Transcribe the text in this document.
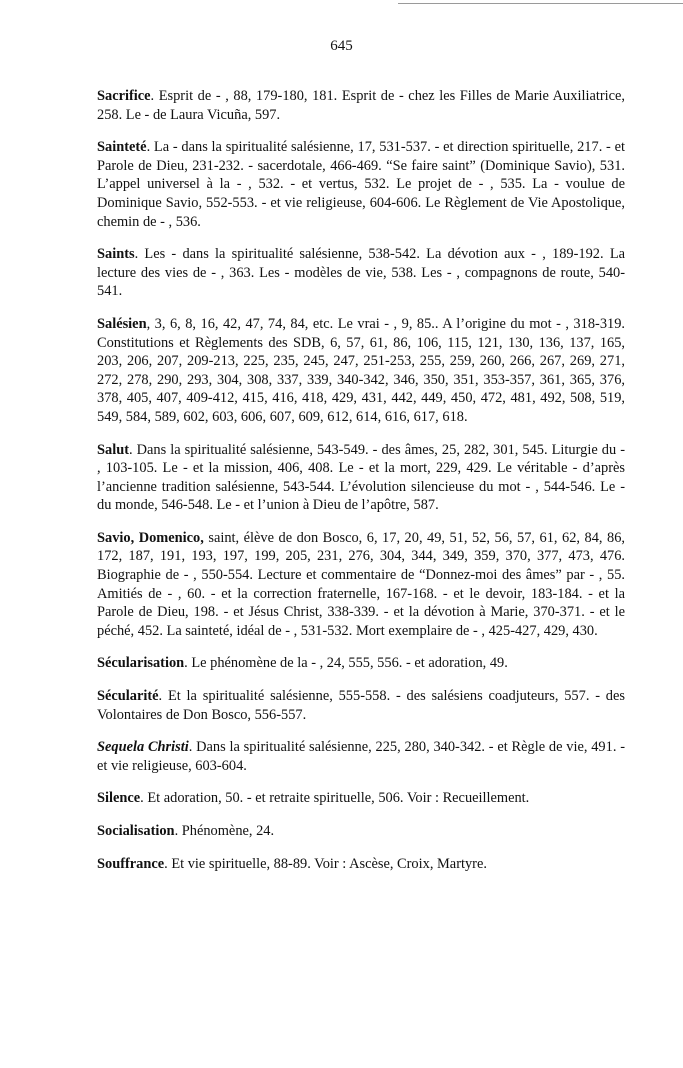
645

Sacrifice. Esprit de - , 88, 179-180, 181. Esprit de - chez les Filles de Marie Auxiliatrice, 258. Le - de Laura Vicuña, 597.

Sainteté. La - dans la spiritualité salésienne, 17, 531-537. - et direction spirituelle, 217. - et Parole de Dieu, 231-232. - sacerdotale, 466-469. “Se faire saint” (Dominique Savio), 531. L’appel universel à la - , 532. - et vertus, 532. Le projet de - , 535. La - voulue de Dominique Savio, 552-553. - et vie religieuse, 604-606. Le Règlement de Vie Apostolique, chemin de - , 536.

Saints. Les - dans la spiritualité salésienne, 538-542. La dévotion aux - , 189-192. La lecture des vies de - , 363. Les - modèles de vie, 538. Les - , compagnons de route, 540-541.

Salésien, 3, 6, 8, 16, 42, 47, 74, 84, etc. Le vrai - , 9, 85.. A l’origine du mot - , 318-319. Constitutions et Règlements des SDB, 6, 57, 61, 86, 106, 115, 121, 130, 136, 137, 165, 203, 206, 207, 209-213, 225, 235, 245, 247, 251-253, 255, 259, 260, 266, 267, 269, 271, 272, 278, 290, 293, 304, 308, 337, 339, 340-342, 346, 350, 351, 353-357, 361, 365, 376, 378, 405, 407, 409-412, 415, 416, 418, 429, 431, 442, 449, 450, 472, 481, 492, 508, 519, 549, 584, 589, 602, 603, 606, 607, 609, 612, 614, 616, 617, 618.

Salut. Dans la spiritualité salésienne, 543-549. - des âmes, 25, 282, 301, 545. Liturgie du - , 103-105. Le - et la mission, 406, 408. Le - et la mort, 229, 429. Le véritable - d’après l’ancienne tradition salésienne, 543-544. L’évolution silencieuse du mot - , 544-546. Le - du monde, 546-548. Le - et l’union à Dieu de l’apôtre, 587.

Savio, Domenico, saint, élève de don Bosco, 6, 17, 20, 49, 51, 52, 56, 57, 61, 62, 84, 86, 172, 187, 191, 193, 197, 199, 205, 231, 276, 304, 344, 349, 359, 370, 377, 473, 476. Biographie de - , 550-554. Lecture et commentaire de “Donnez-moi des âmes” par - , 55. Amitiés de - , 60. - et la correction fraternelle, 167-168. - et le devoir, 183-184. - et la Parole de Dieu, 198. - et Jésus Christ, 338-339. - et la dévotion à Marie, 370-371. - et le péché, 452. La sainteté, idéal de - , 531-532. Mort exemplaire de - , 425-427, 429, 430.

Sécularisation. Le phénomène de la - , 24, 555, 556. - et adoration, 49.

Sécularité. Et la spiritualité salésienne, 555-558. - des salésiens coadjuteurs, 557. - des Volontaires de Don Bosco, 556-557.

Sequela Christi. Dans la spiritualité salésienne, 225, 280, 340-342. - et Règle de vie, 491. - et vie religieuse, 603-604.

Silence. Et adoration, 50. - et retraite spirituelle, 506. Voir : Recueillement.

Socialisation. Phénomène, 24.

Souffrance. Et vie spirituelle, 88-89. Voir : Ascèse, Croix, Martyre.
